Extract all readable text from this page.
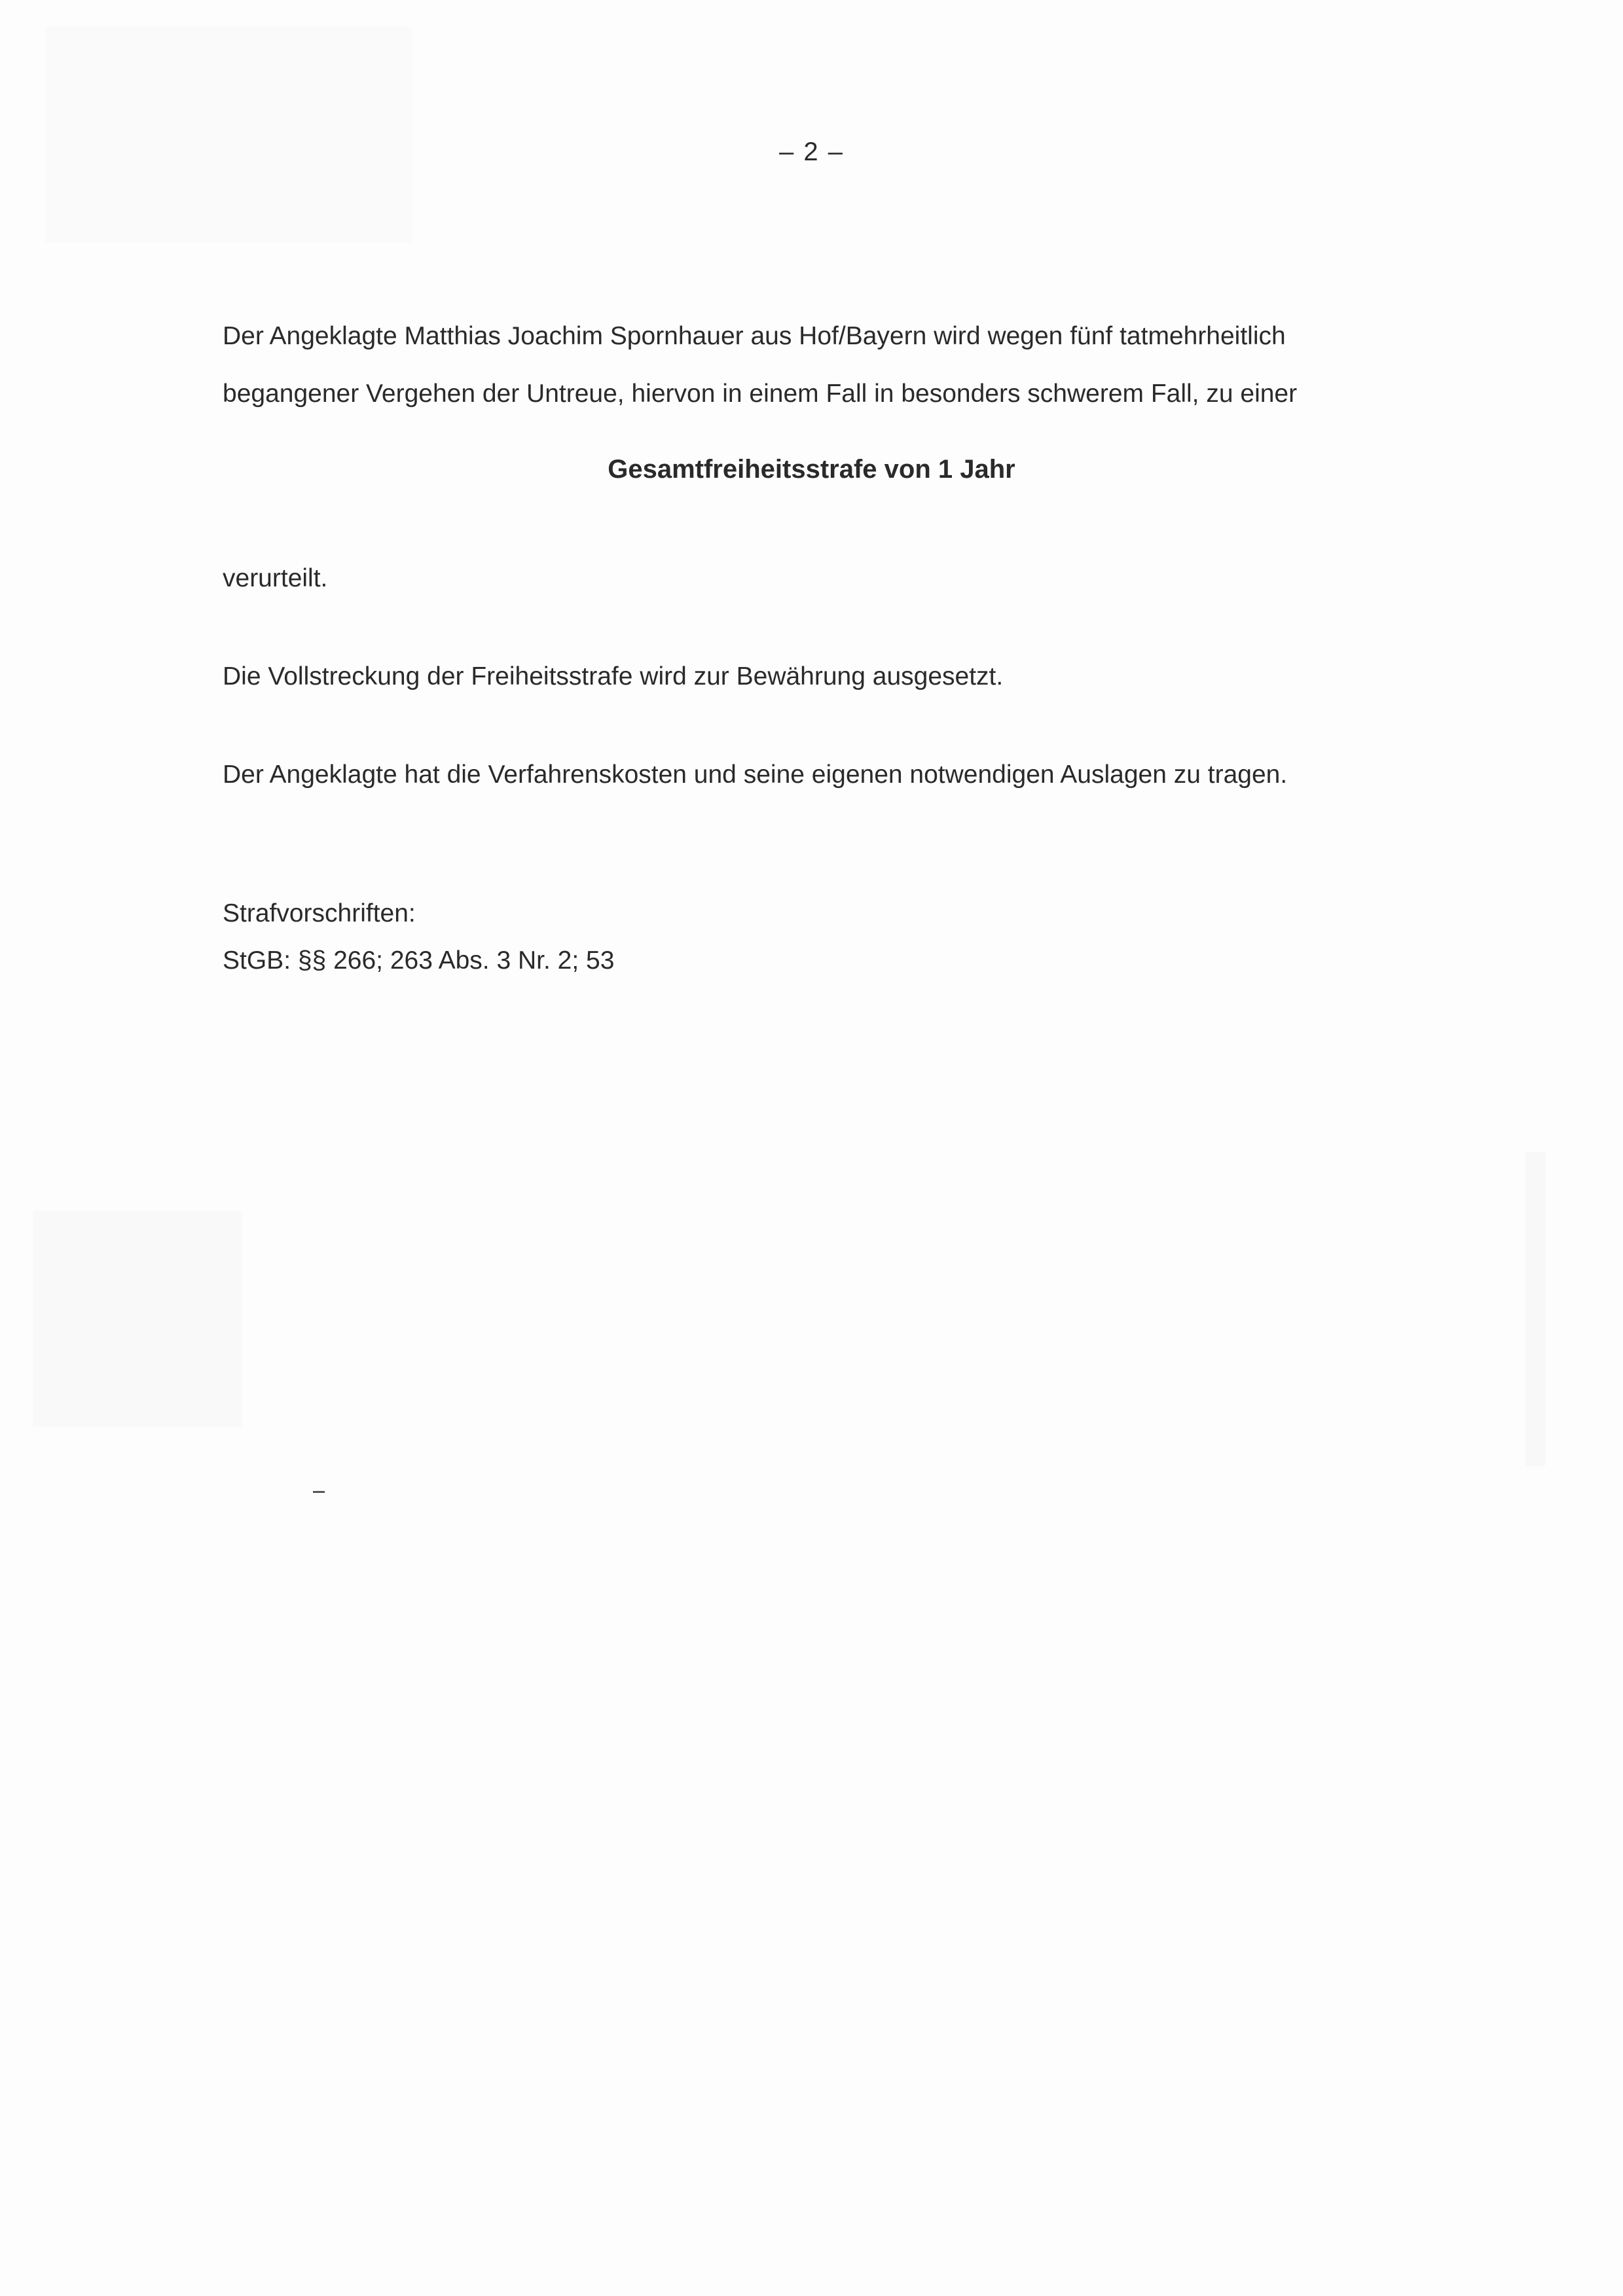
– 2 –
Der Angeklagte Matthias Joachim Spornhauer aus Hof/Bayern wird wegen fünf tatmehrheitlich
begangener Vergehen der Untreue, hiervon in einem Fall in besonders schwerem Fall, zu einer
Gesamtfreiheitsstrafe von 1 Jahr
verurteilt.
Die Vollstreckung der Freiheitsstrafe wird zur Bewährung ausgesetzt.
Der Angeklagte hat die Verfahrenskosten und seine eigenen notwendigen Auslagen zu tragen.
Strafvorschriften:
StGB: §§ 266; 263 Abs. 3 Nr. 2; 53
